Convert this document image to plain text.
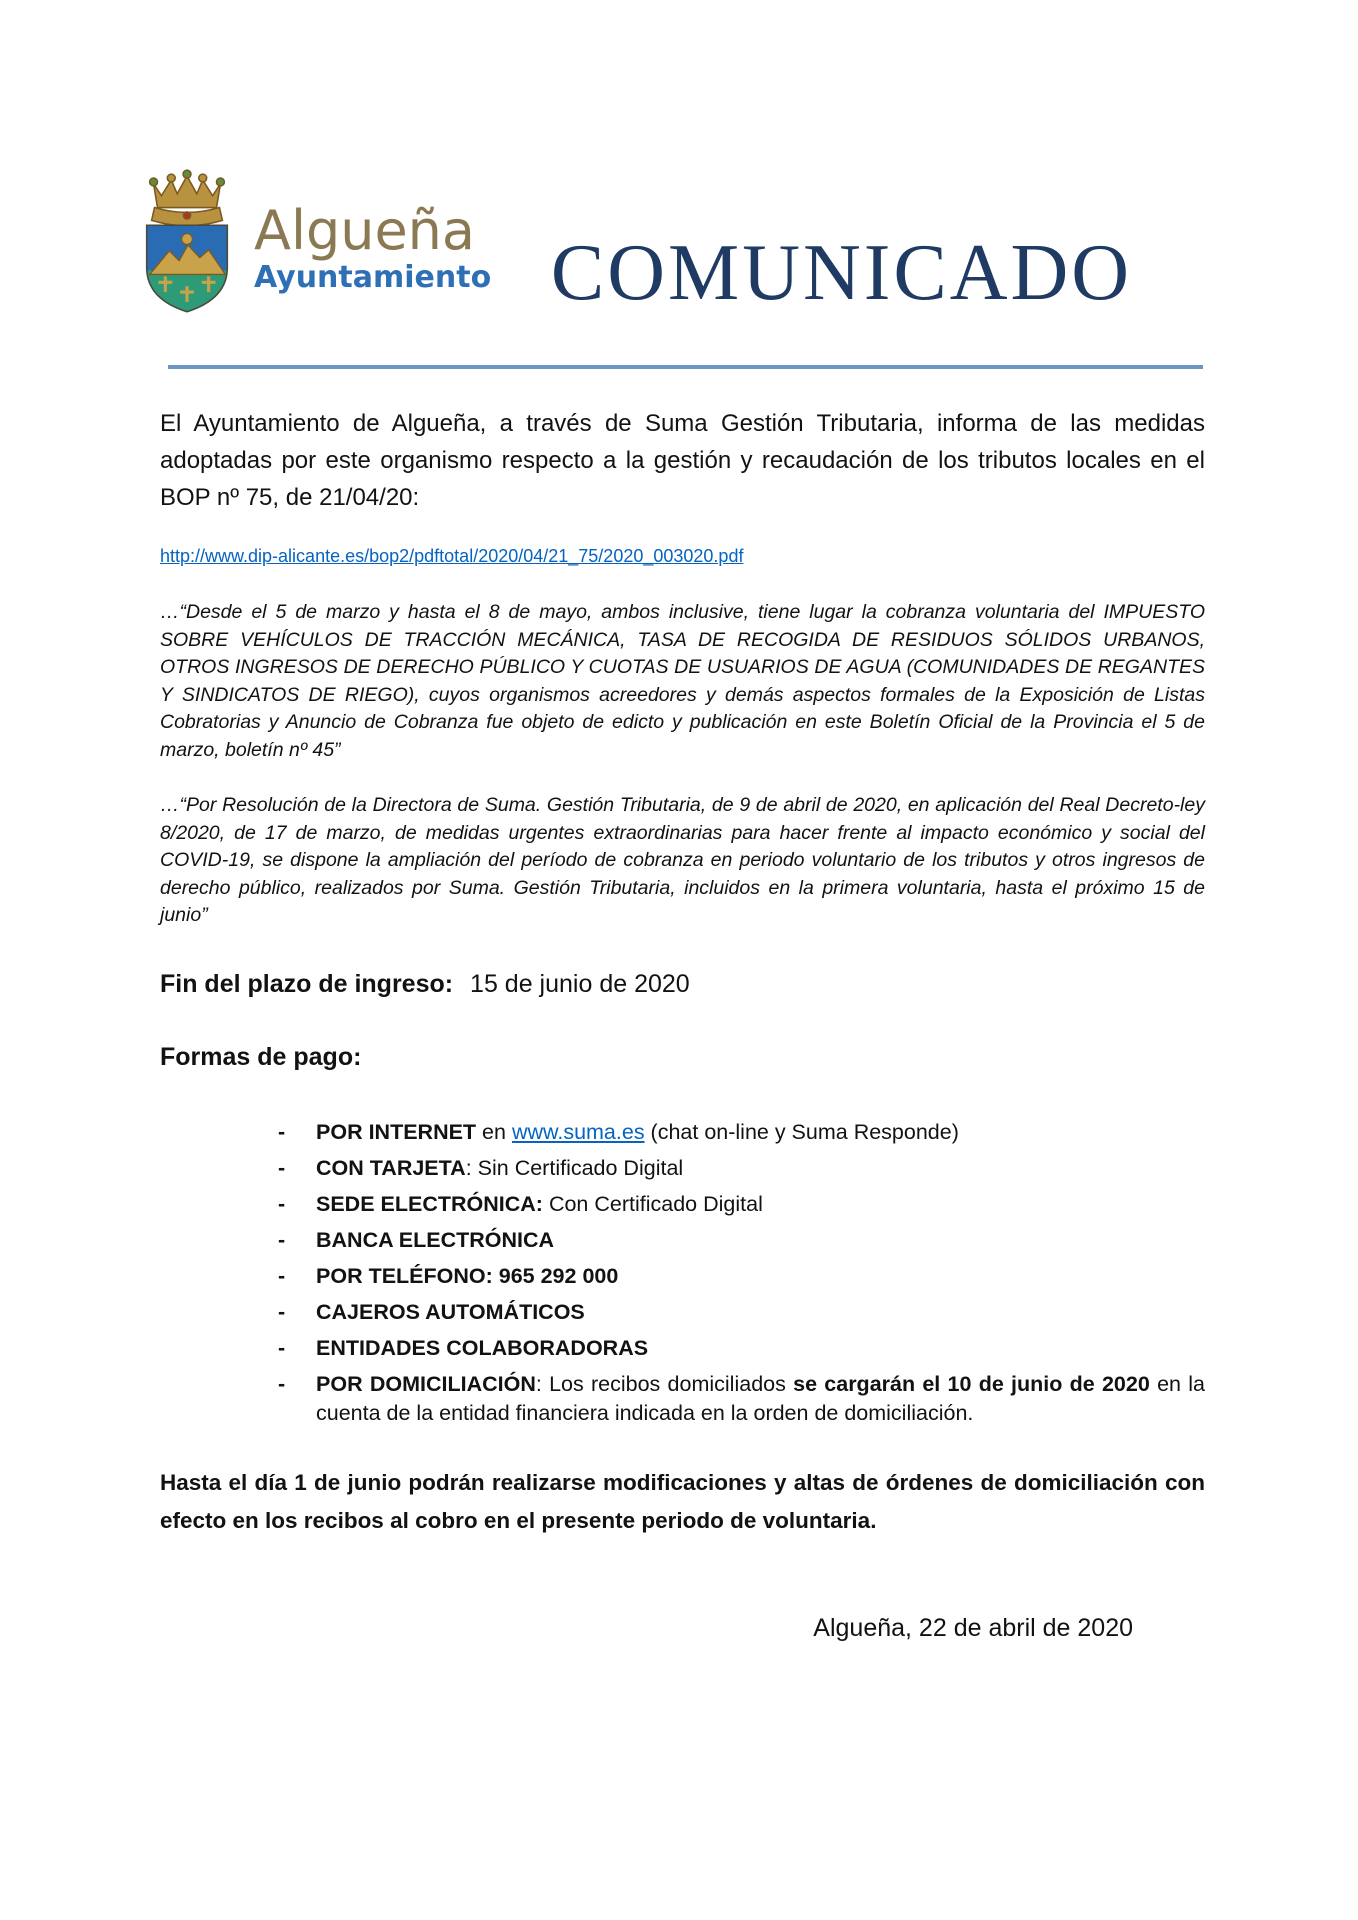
Algueña
Ayuntamiento COMUNICADO

El Ayuntamiento de Algueña, a través de Suma Gestión Tributaria, informa de las medidas adoptadas por este organismo respecto a la gestión y recaudación de los tributos locales en el BOP nº 75, de 21/04/20:

http://www.dip-alicante.es/bop2/pdftotal/2020/04/21_75/2020_003020.pdf

…“Desde el 5 de marzo y hasta el 8 de mayo, ambos inclusive, tiene lugar la cobranza voluntaria del IMPUESTO SOBRE VEHÍCULOS DE TRACCIÓN MECÁNICA, TASA DE RECOGIDA DE RESIDUOS SÓLIDOS URBANOS, OTROS INGRESOS DE DERECHO PÚBLICO Y CUOTAS DE USUARIOS DE AGUA (COMUNIDADES DE REGANTES Y SINDICATOS DE RIEGO), cuyos organismos acreedores y demás aspectos formales de la Exposición de Listas Cobratorias y Anuncio de Cobranza fue objeto de edicto y publicación en este Boletín Oficial de la Provincia el 5 de marzo, boletín nº 45”

…“Por Resolución de la Directora de Suma. Gestión Tributaria, de 9 de abril de 2020, en aplicación del Real Decreto-ley 8/2020, de 17 de marzo, de medidas urgentes extraordinarias para hacer frente al impacto económico y social del COVID-19, se dispone la ampliación del período de cobranza en periodo voluntario de los tributos y otros ingresos de derecho público, realizados por Suma. Gestión Tributaria, incluidos en la primera voluntaria, hasta el próximo 15 de junio”

Fin del plazo de ingreso: 15 de junio de 2020

Formas de pago:

-	POR INTERNET en www.suma.es (chat on-line y Suma Responde)
-	CON TARJETA: Sin Certificado Digital
-	SEDE ELECTRÓNICA: Con Certificado Digital
-	BANCA ELECTRÓNICA
-	POR TELÉFONO: 965 292 000
-	CAJEROS AUTOMÁTICOS
-	ENTIDADES COLABORADORAS
-	POR DOMICILIACIÓN: Los recibos domiciliados se cargarán el 10 de junio de 2020 en la cuenta de la entidad financiera indicada en la orden de domiciliación.

Hasta el día 1 de junio podrán realizarse modificaciones y altas de órdenes de domiciliación con efecto en los recibos al cobro en el presente periodo de voluntaria.

Algueña, 22 de abril de 2020
